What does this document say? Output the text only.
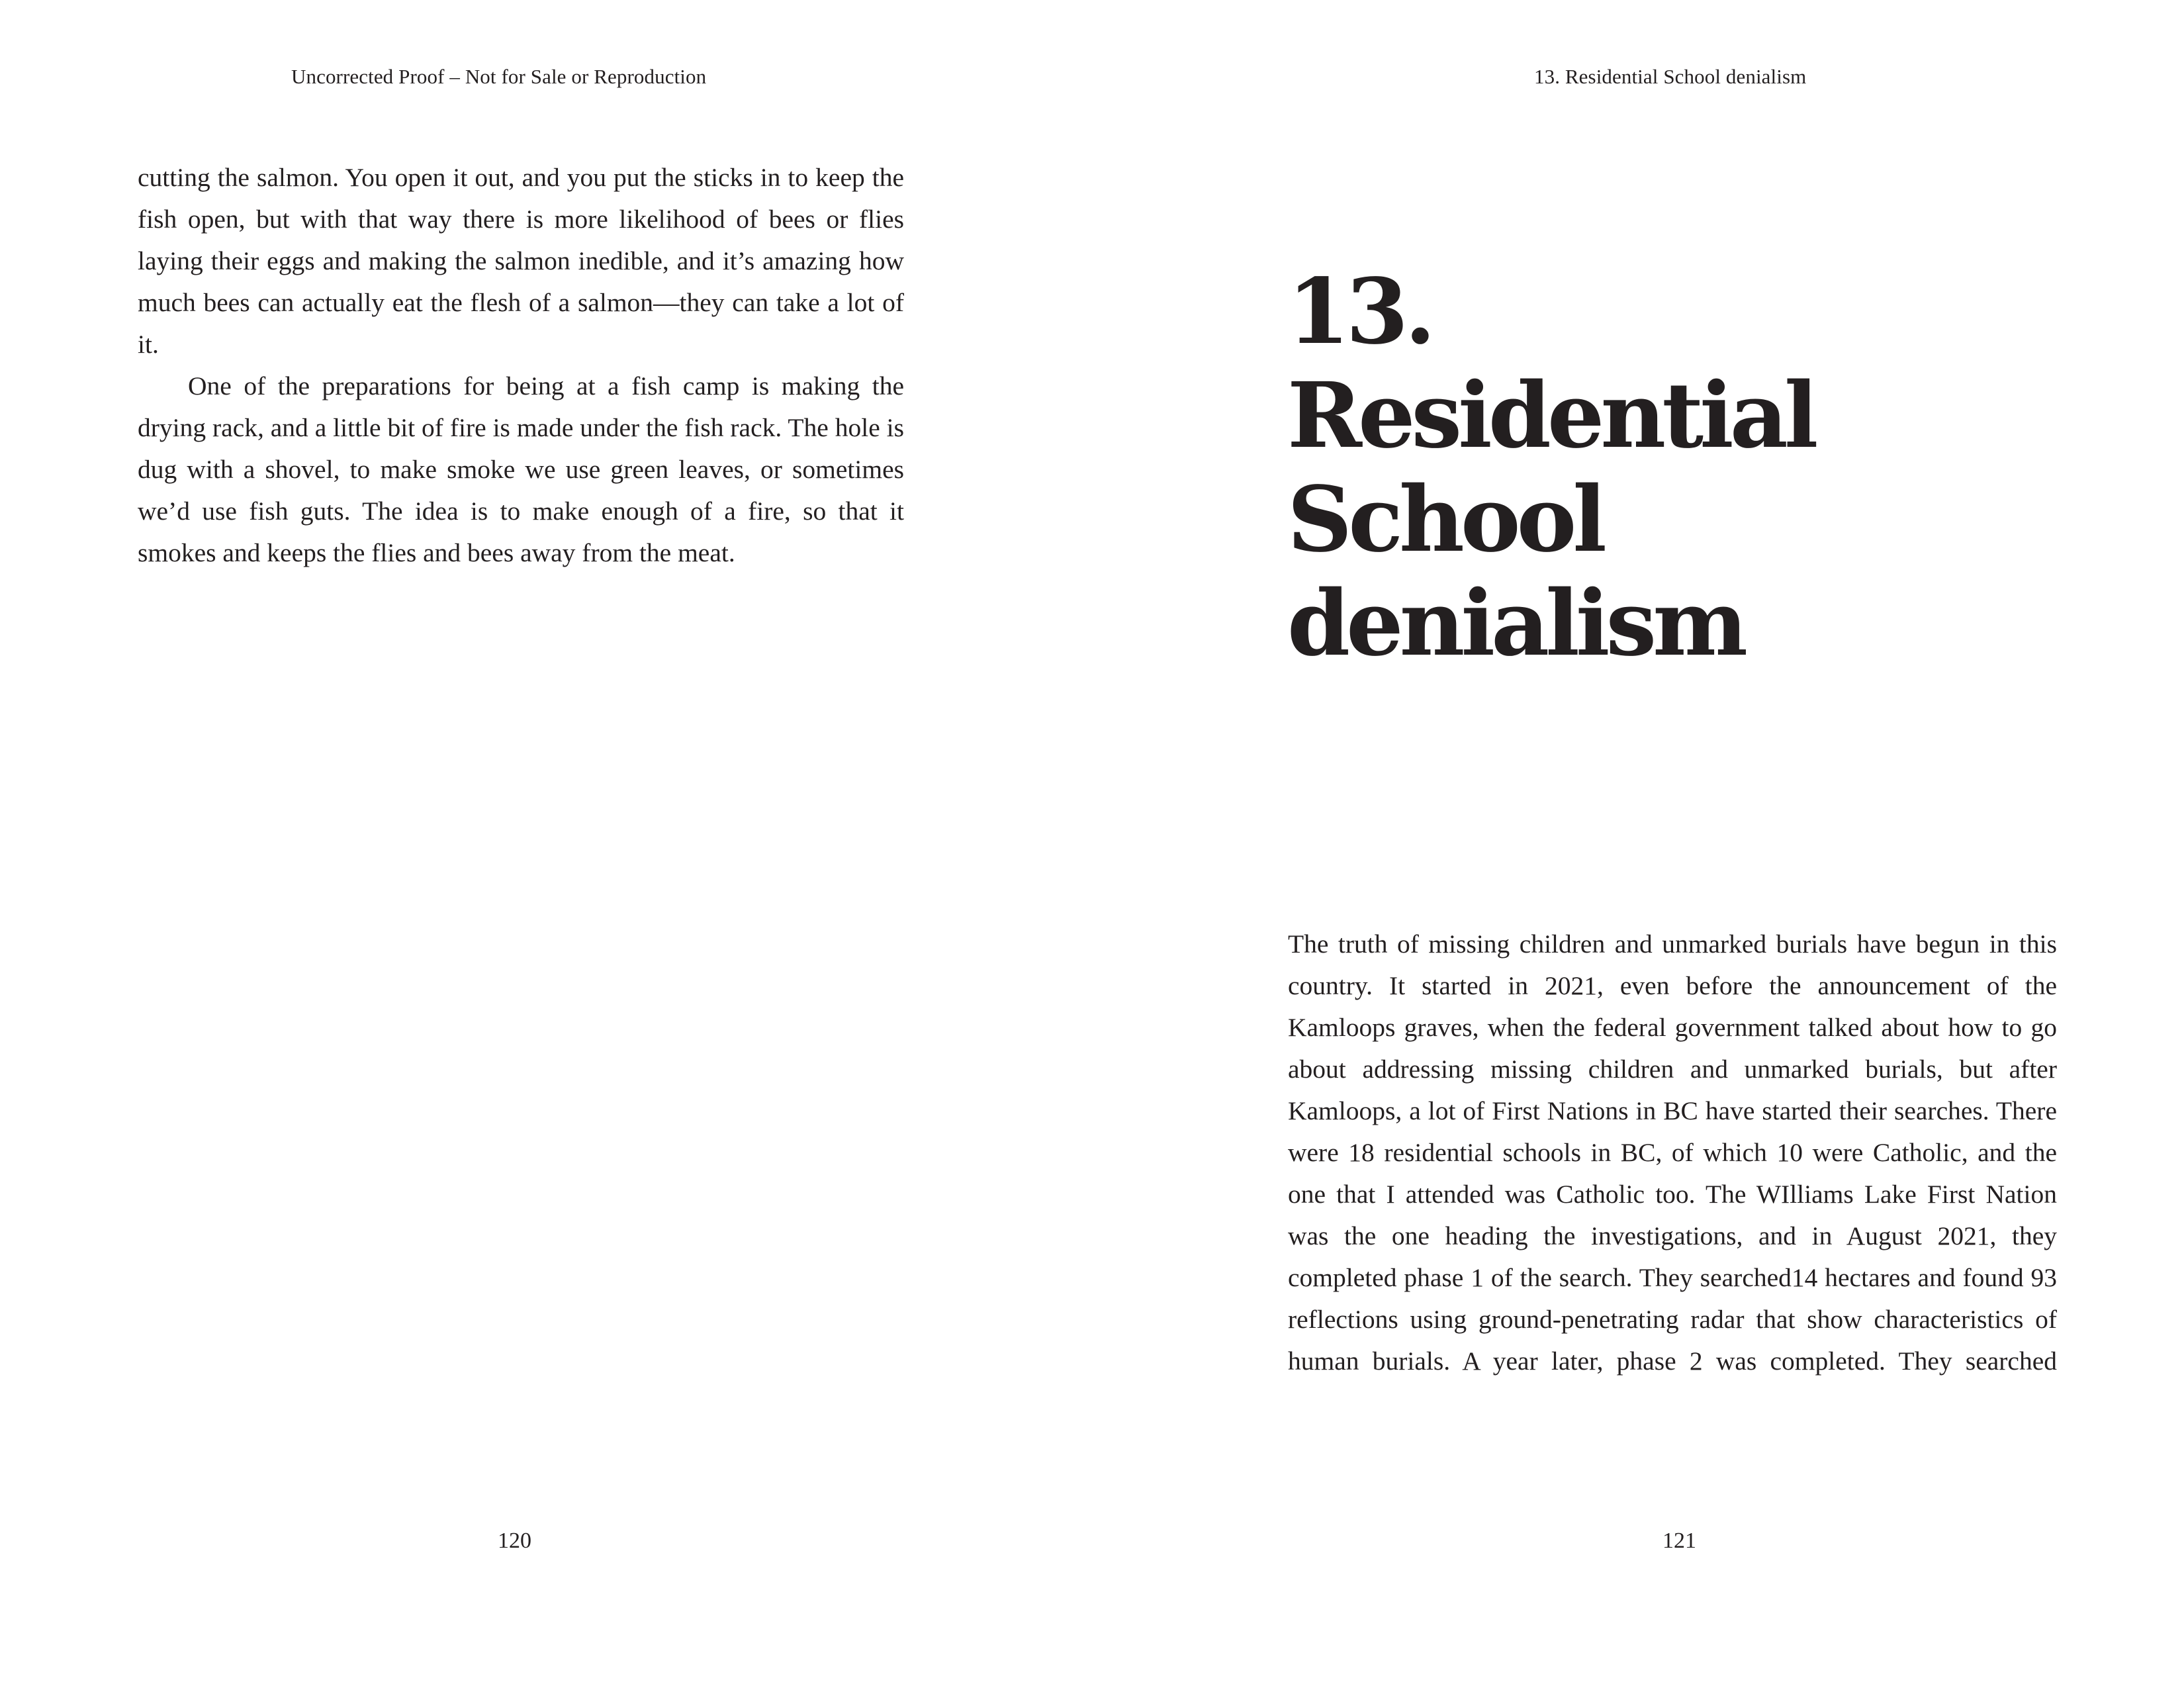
Uncorrected Proof – Not for Sale or Reproduction

cutting the salmon. You open it out, and you put the sticks in to keep the fish open, but with that way there is more likelihood of bees or flies laying their eggs and making the salmon inedible, and it’s amazing how much bees can actually eat the flesh of a salmon—they can take a lot of it.

One of the preparations for being at a fish camp is making the drying rack, and a little bit of fire is made under the fish rack. The hole is dug with a shovel, to make smoke we use green leaves, or sometimes we’d use fish guts. The idea is to make enough of a fire, so that it smokes and keeps the flies and bees away from the meat.

120
13. Residential School denialism
13.
Residential
School
denialism

The truth of missing children and unmarked burials have begun in this country. It started in 2021, even before the announcement of the Kamloops graves, when the federal government talked about how to go about addressing missing children and unmarked burials, but after Kamloops, a lot of First Nations in BC have started their searches. There were 18 residential schools in BC, of which 10 were Catholic, and the one that I attended was Catholic too. The WIlliams Lake First Nation was the one heading the investigations, and in August 2021, they completed phase 1 of the search. They searched14 hectares and found 93 reflections using ground-penetrating radar that show characteristics of human burials. A year later, phase 2 was completed. They searched

121
